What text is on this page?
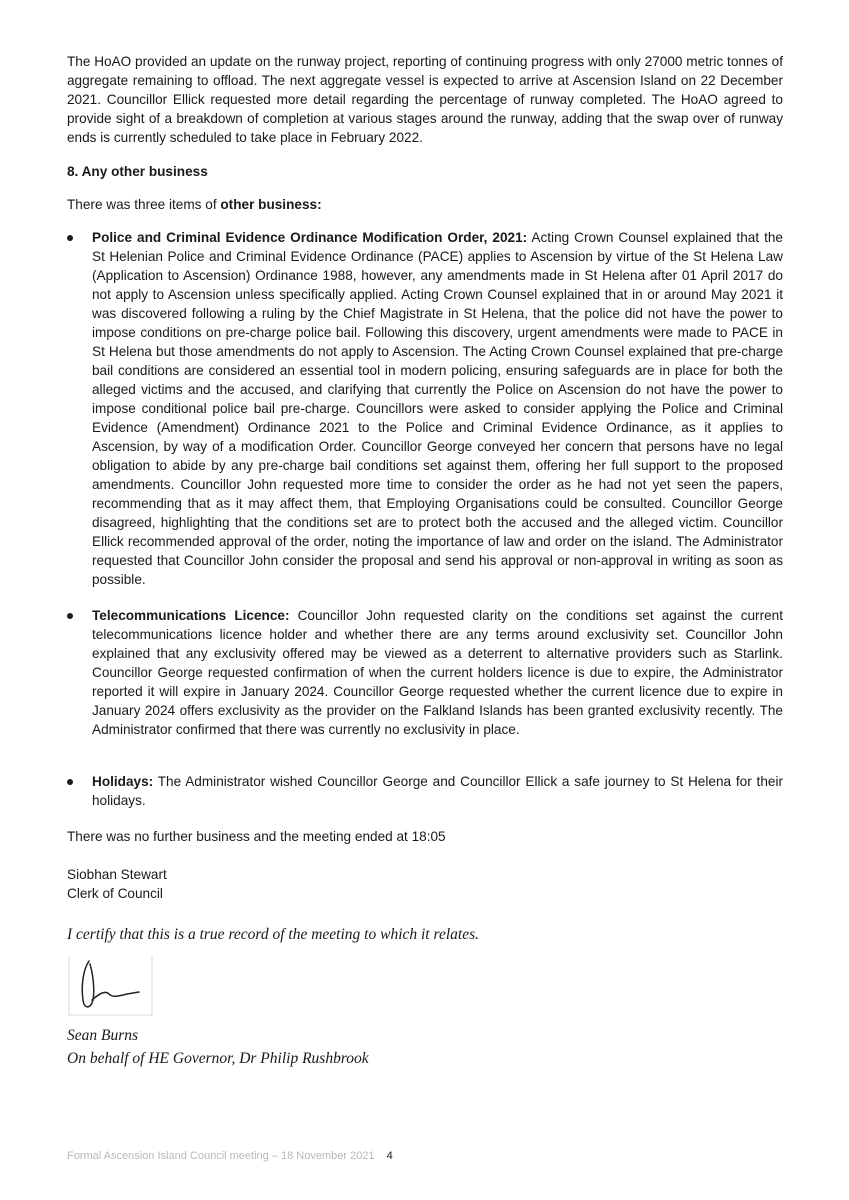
The HoAO provided an update on the runway project, reporting of continuing progress with only 27000 metric tonnes of aggregate remaining to offload. The next aggregate vessel is expected to arrive at Ascension Island on 22 December 2021. Councillor Ellick requested more detail regarding the percentage of runway completed. The HoAO agreed to provide sight of a breakdown of completion at various stages around the runway, adding that the swap over of runway ends is currently scheduled to take place in February 2022.

8. Any other business

There was three items of other business:

Police and Criminal Evidence Ordinance Modification Order, 2021: Acting Crown Counsel explained that the St Helenian Police and Criminal Evidence Ordinance (PACE) applies to Ascension by virtue of the St Helena Law (Application to Ascension) Ordinance 1988, however, any amendments made in St Helena after 01 April 2017 do not apply to Ascension unless specifically applied. Acting Crown Counsel explained that in or around May 2021 it was discovered following a ruling by the Chief Magistrate in St Helena, that the police did not have the power to impose conditions on pre-charge police bail. Following this discovery, urgent amendments were made to PACE in St Helena but those amendments do not apply to Ascension. The Acting Crown Counsel explained that pre-charge bail conditions are considered an essential tool in modern policing, ensuring safeguards are in place for both the alleged victims and the accused, and clarifying that currently the Police on Ascension do not have the power to impose conditional police bail pre-charge. Councillors were asked to consider applying the Police and Criminal Evidence (Amendment) Ordinance 2021 to the Police and Criminal Evidence Ordinance, as it applies to Ascension, by way of a modification Order. Councillor George conveyed her concern that persons have no legal obligation to abide by any pre-charge bail conditions set against them, offering her full support to the proposed amendments. Councillor John requested more time to consider the order as he had not yet seen the papers, recommending that as it may affect them, that Employing Organisations could be consulted. Councillor George disagreed, highlighting that the conditions set are to protect both the accused and the alleged victim. Councillor Ellick recommended approval of the order, noting the importance of law and order on the island. The Administrator requested that Councillor John consider the proposal and send his approval or non-approval in writing as soon as possible.
Telecommunications Licence: Councillor John requested clarity on the conditions set against the current telecommunications licence holder and whether there are any terms around exclusivity set. Councillor John explained that any exclusivity offered may be viewed as a deterrent to alternative providers such as Starlink. Councillor George requested confirmation of when the current holders licence is due to expire, the Administrator reported it will expire in January 2024. Councillor George requested whether the current licence due to expire in January 2024 offers exclusivity as the provider on the Falkland Islands has been granted exclusivity recently. The Administrator confirmed that there was currently no exclusivity in place.
Holidays: The Administrator wished Councillor George and Councillor Ellick a safe journey to St Helena for their holidays.

There was no further business and the meeting ended at 18:05

Siobhan Stewart
Clerk of Council
I certify that this is a true record of the meeting to which it relates.
Sean Burns
On behalf of HE Governor, Dr Philip Rushbrook
Formal Ascension Island Council meeting – 18 November 2021 4
